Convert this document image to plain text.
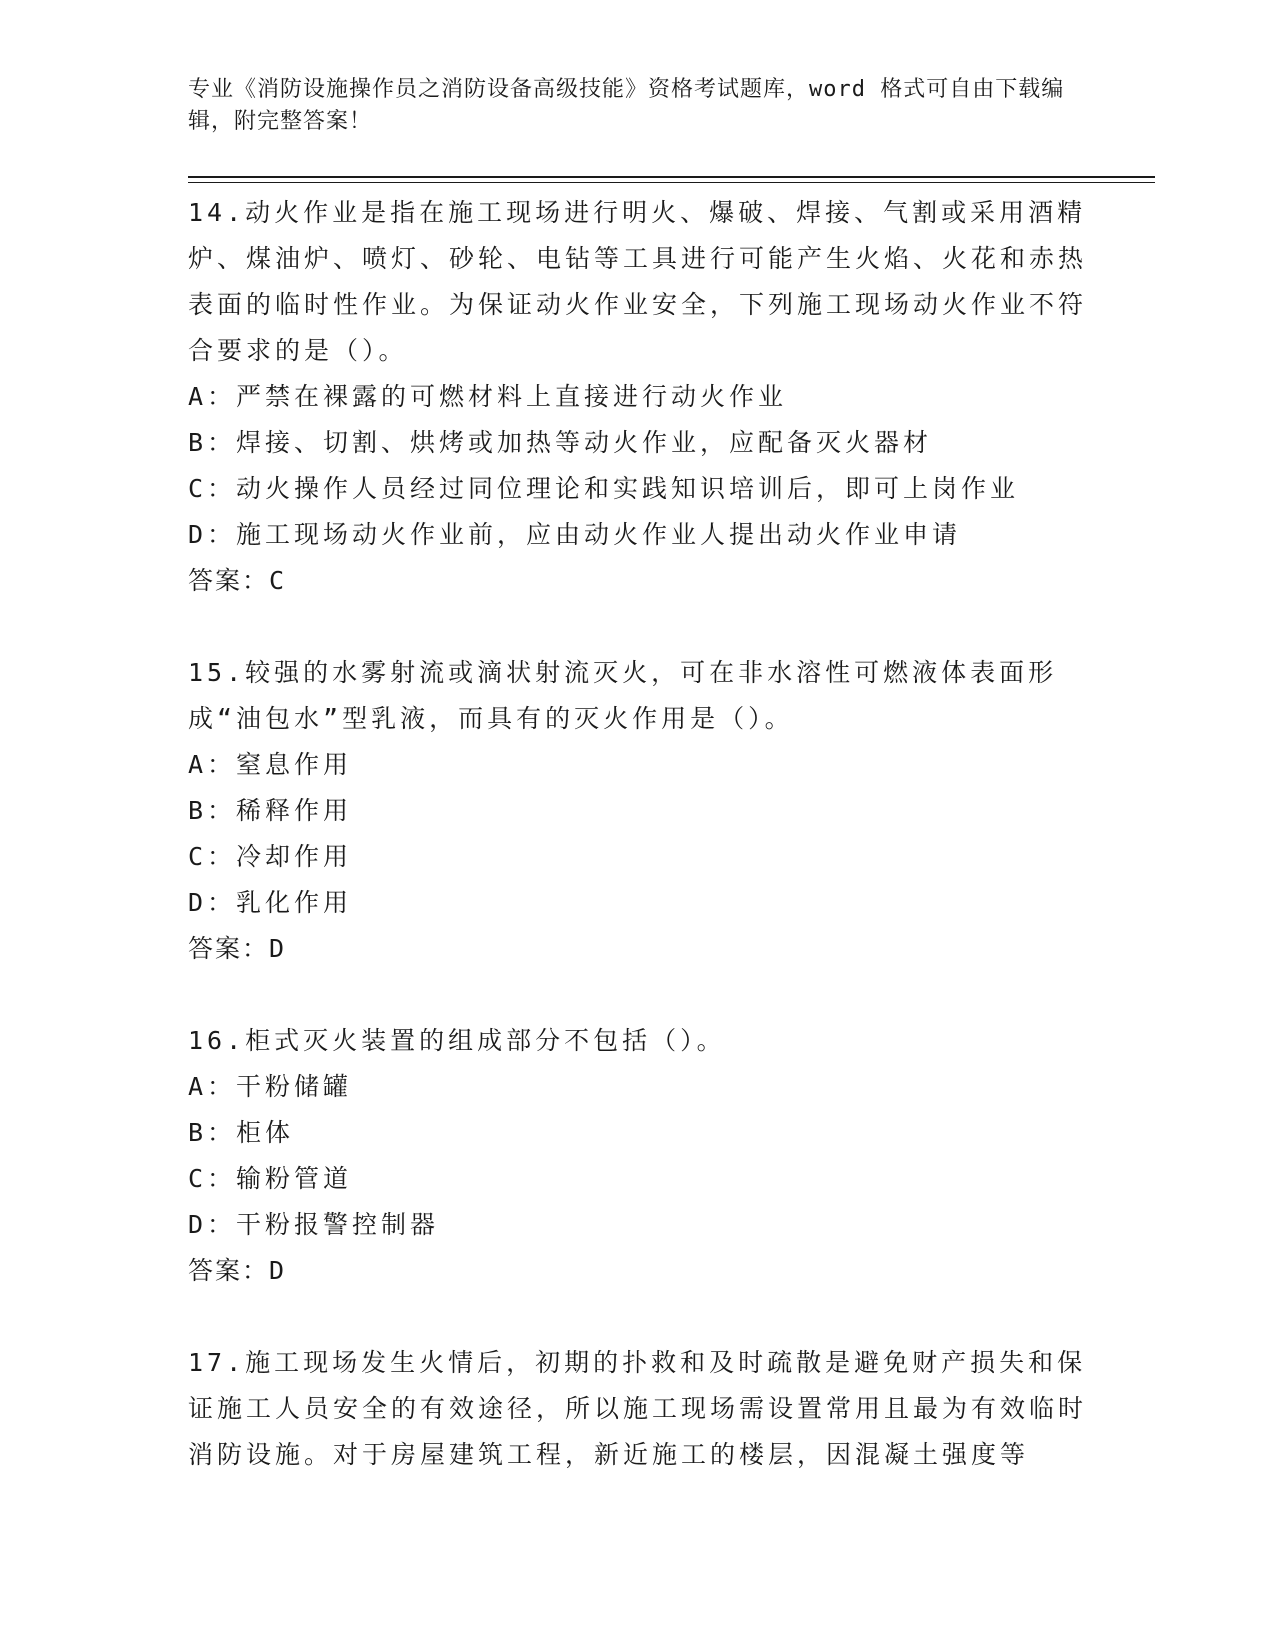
专业《消防设施操作员之消防设备高级技能》资格考试题库，word 格式可自由下载编辑，附完整答案！

14.动火作业是指在施工现场进行明火、爆破、焊接、气割或采用酒精炉、煤油炉、喷灯、砂轮、电钻等工具进行可能产生火焰、火花和赤热表面的临时性作业。为保证动火作业安全，下列施工现场动火作业不符合要求的是（）。

A：严禁在裸露的可燃材料上直接进行动火作业

B：焊接、切割、烘烤或加热等动火作业，应配备灭火器材

C：动火操作人员经过同位理论和实践知识培训后，即可上岗作业

D：施工现场动火作业前，应由动火作业人提出动火作业申请

答案：C

15.较强的水雾射流或滴状射流灭火，可在非水溶性可燃液体表面形成“油包水”型乳液，而具有的灭火作用是（）。

A：窒息作用

B：稀释作用

C：冷却作用

D：乳化作用

答案：D

16.柜式灭火装置的组成部分不包括（）。

A：干粉储罐

B：柜体

C：输粉管道

D：干粉报警控制器

答案：D

17.施工现场发生火情后，初期的扑救和及时疏散是避免财产损失和保证施工人员安全的有效途径，所以施工现场需设置常用且最为有效临时消防设施。对于房屋建筑工程，新近施工的楼层，因混凝土强度等
